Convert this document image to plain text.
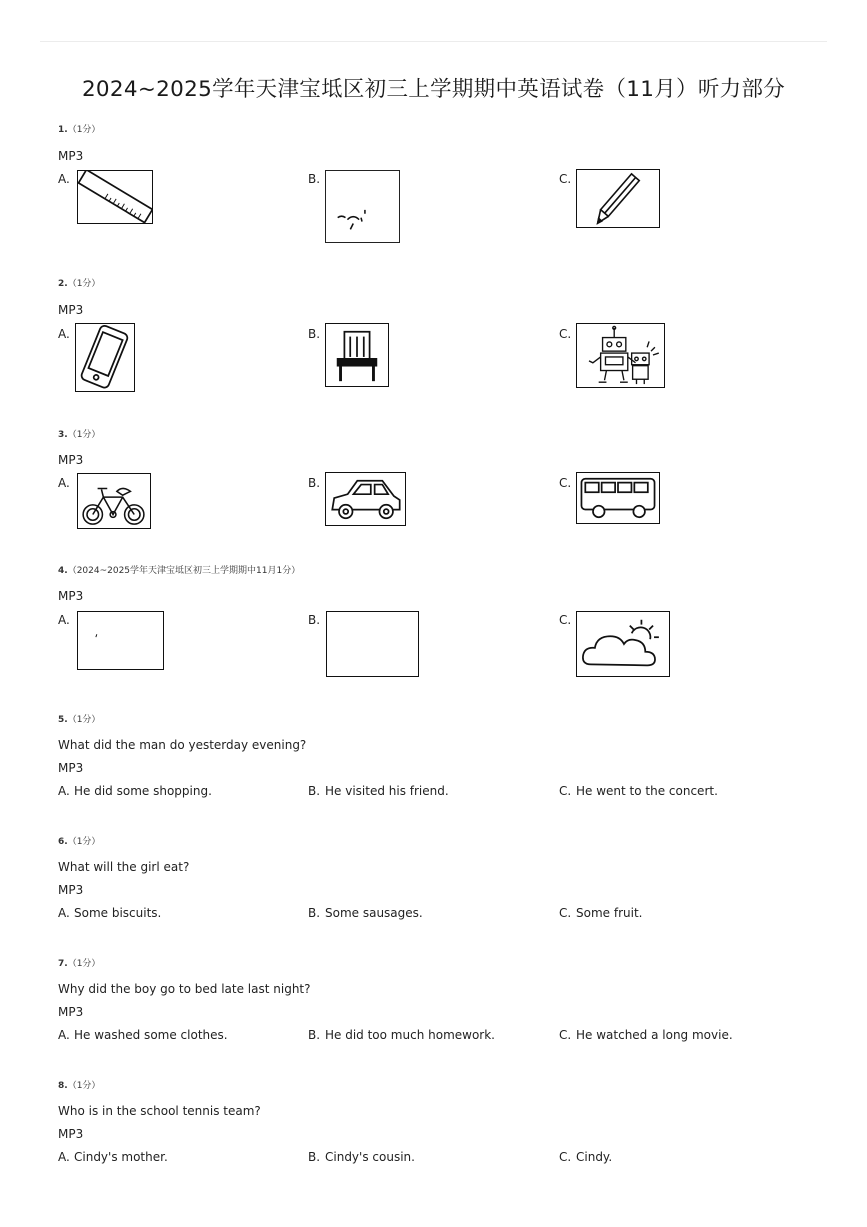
2024~2025学年天津宝坻区初三上学期期中英语试卷（11月）听力部分
1.（1分）
MP3
A.	B.	C.
2.（1分）
MP3
A.	B.	C.
3.（1分）
MP3
A.	B.	C.
4.（2024~2025学年天津宝坻区初三上学期期中11月1分）
MP3
A.	B.	C.
5.（1分）
What did the man do yesterday evening?
MP3
A. He did some shopping.	B. He visited his friend.	C. He went to the concert.
6.（1分）
What will the girl eat?
MP3
A. Some biscuits.	B. Some sausages.	C. Some fruit.
7.（1分）
Why did the boy go to bed late last night?
MP3
A. He washed some clothes.	B. He did too much homework.	C. He watched a long movie.
8.（1分）
Who is in the school tennis team?
MP3
A. Cindy's mother.	B. Cindy's cousin.	C. Cindy.
